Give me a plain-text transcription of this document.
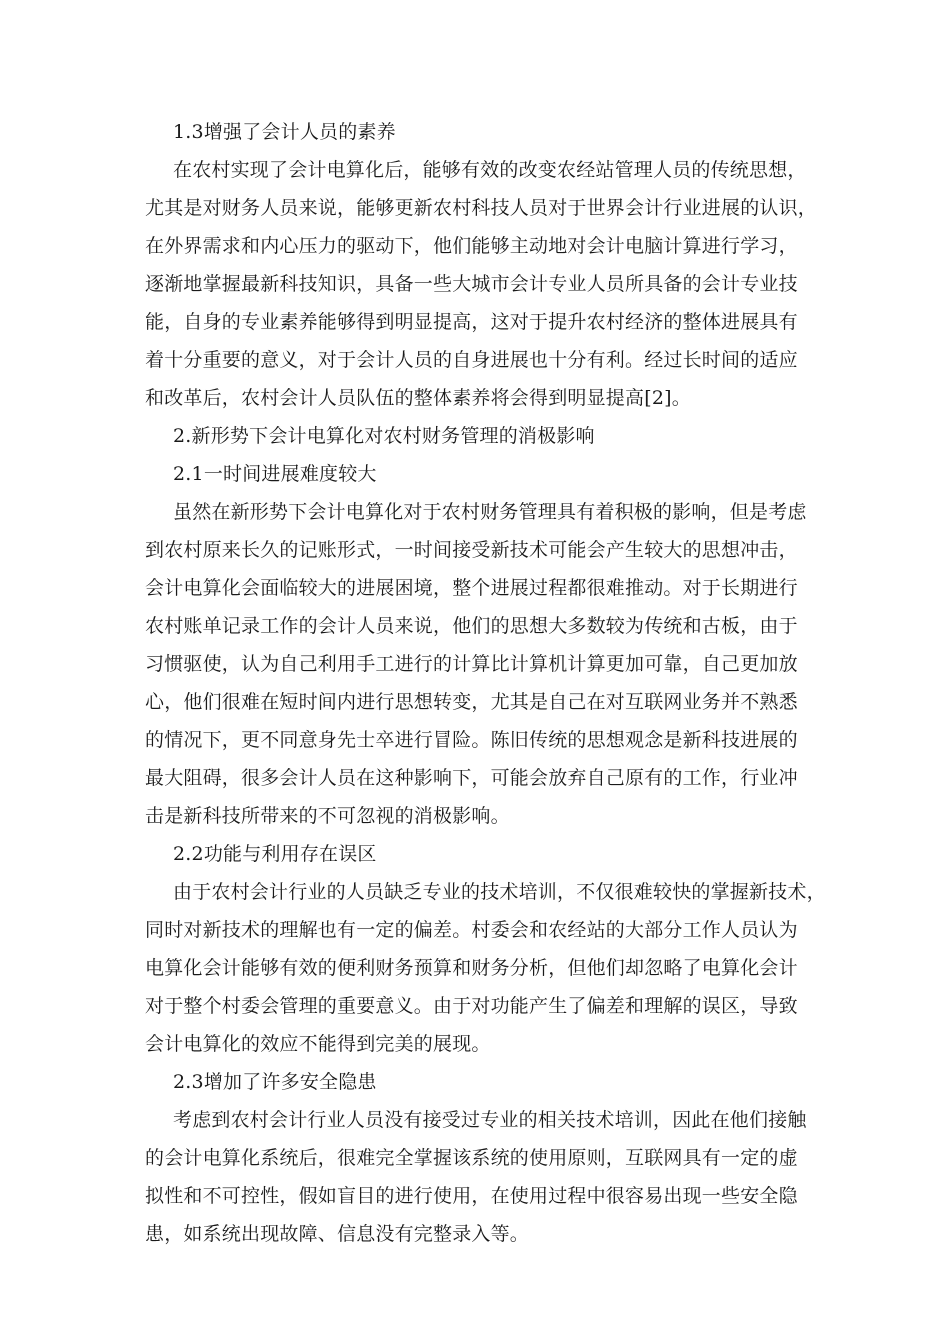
1.3增强了会计人员的素养
在农村实现了会计电算化后，能够有效的改变农经站管理人员的传统思想，
尤其是对财务人员来说，能够更新农村科技人员对于世界会计行业进展的认识，
在外界需求和内心压力的驱动下，他们能够主动地对会计电脑计算进行学习，
逐渐地掌握最新科技知识，具备一些大城市会计专业人员所具备的会计专业技
能，自身的专业素养能够得到明显提高，这对于提升农村经济的整体进展具有
着十分重要的意义，对于会计人员的自身进展也十分有利。经过长时间的适应
和改革后，农村会计人员队伍的整体素养将会得到明显提高[2]。
2.新形势下会计电算化对农村财务管理的消极影响
2.1一时间进展难度较大
虽然在新形势下会计电算化对于农村财务管理具有着积极的影响，但是考虑
到农村原来长久的记账形式，一时间接受新技术可能会产生较大的思想冲击，
会计电算化会面临较大的进展困境，整个进展过程都很难推动。对于长期进行
农村账单记录工作的会计人员来说，他们的思想大多数较为传统和古板，由于
习惯驱使，认为自己利用手工进行的计算比计算机计算更加可靠，自己更加放
心，他们很难在短时间内进行思想转变，尤其是自己在对互联网业务并不熟悉
的情况下，更不同意身先士卒进行冒险。陈旧传统的思想观念是新科技进展的
最大阻碍，很多会计人员在这种影响下，可能会放弃自己原有的工作，行业冲
击是新科技所带来的不可忽视的消极影响。
2.2功能与利用存在误区
由于农村会计行业的人员缺乏专业的技术培训，不仅很难较快的掌握新技术，
同时对新技术的理解也有一定的偏差。村委会和农经站的大部分工作人员认为
电算化会计能够有效的便利财务预算和财务分析，但他们却忽略了电算化会计
对于整个村委会管理的重要意义。由于对功能产生了偏差和理解的误区，导致
会计电算化的效应不能得到完美的展现。
2.3增加了许多安全隐患
考虑到农村会计行业人员没有接受过专业的相关技术培训，因此在他们接触
的会计电算化系统后，很难完全掌握该系统的使用原则，互联网具有一定的虚
拟性和不可控性，假如盲目的进行使用，在使用过程中很容易出现一些安全隐
患，如系统出现故障、信息没有完整录入等。
